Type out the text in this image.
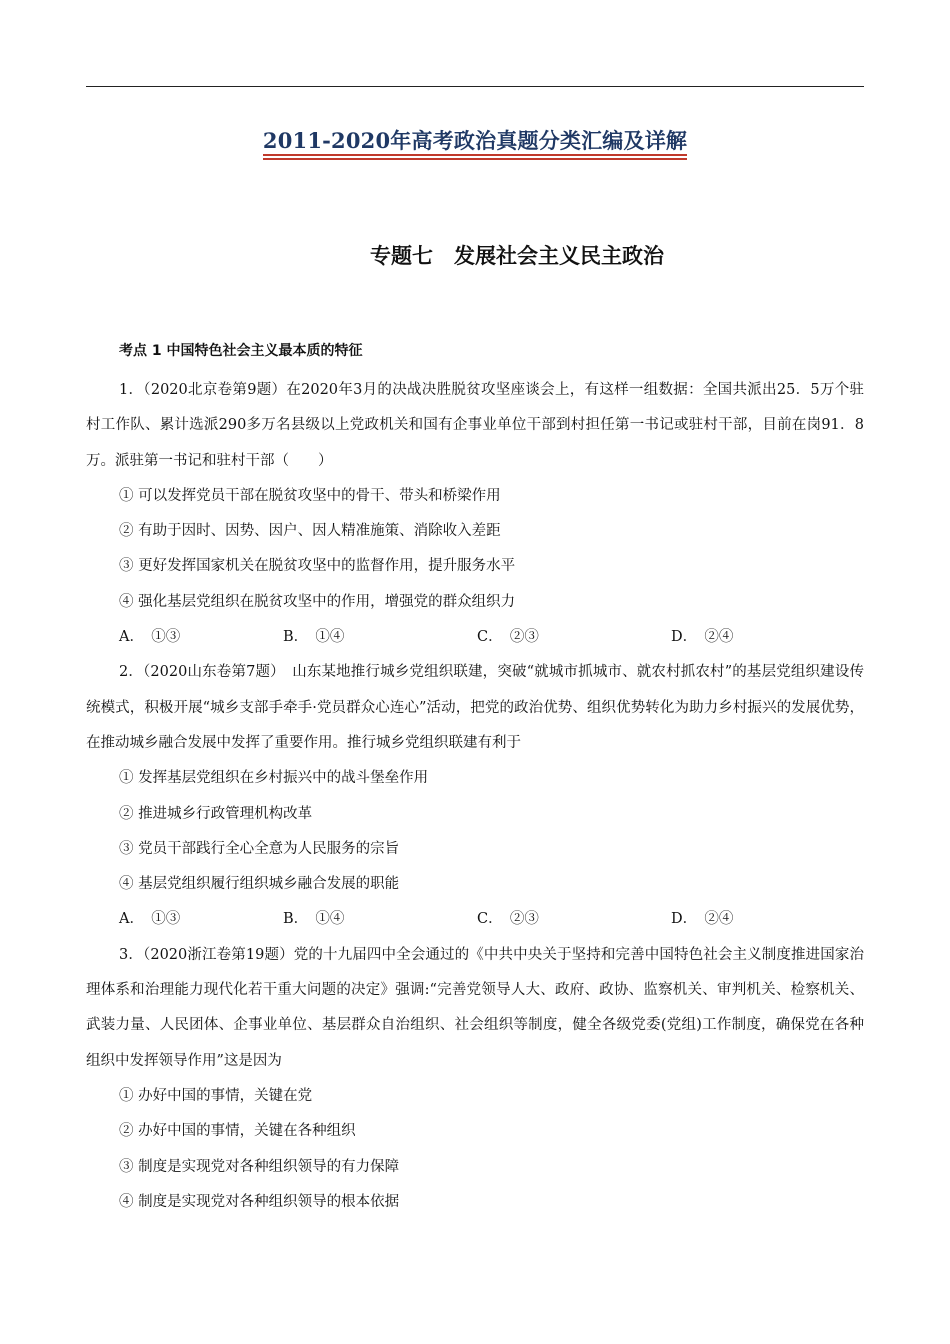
2011-2020年高考政治真题分类汇编及详解
专题七　发展社会主义民主政治
考点 1 中国特色社会主义最本质的特征

1．（2020北京卷第9题）在2020年3月的决战决胜脱贫攻坚座谈会上，有这样一组数据：全国共派出25．5万个驻村工作队、累计选派290多万名县级以上党政机关和国有企事业单位干部到村担任第一书记或驻村干部，目前在岗91．8万。派驻第一书记和驻村干部（　　）

① 可以发挥党员干部在脱贫攻坚中的骨干、带头和桥梁作用

② 有助于因时、因势、因户、因人精准施策、消除收入差距

③ 更好发挥国家机关在脱贫攻坚中的监督作用，提升服务水平

④ 强化基层党组织在脱贫攻坚中的作用，增强党的群众组织力

A．　①③	B．　①④	C．　②③	D．　②④

2．（2020山东卷第7题）　山东某地推行城乡党组织联建，突破“就城市抓城市、就农村抓农村”的基层党组织建设传统模式，积极开展“城乡支部手牵手·党员群众心连心”活动，把党的政治优势、组织优势转化为助力乡村振兴的发展优势，在推动城乡融合发展中发挥了重要作用。推行城乡党组织联建有利于

① 发挥基层党组织在乡村振兴中的战斗堡垒作用

② 推进城乡行政管理机构改革

③ 党员干部践行全心全意为人民服务的宗旨

④ 基层党组织履行组织城乡融合发展的职能

A．　①③	B．　①④	C．　②③	D．　②④

3．（2020浙江卷第19题）党的十九届四中全会通过的《中共中央关于坚持和完善中国特色社会主义制度推进国家治理体系和治理能力现代化若干重大问题的决定》强调:“完善党领导人大、政府、政协、监察机关、审判机关、检察机关、武装力量、人民团体、企事业单位、基层群众自治组织、社会组织等制度，健全各级党委(党组)工作制度，确保党在各种组织中发挥领导作用”这是因为

① 办好中国的事情，关键在党

② 办好中国的事情，关键在各种组织

③ 制度是实现党对各种组织领导的有力保障

④ 制度是实现党对各种组织领导的根本依据
